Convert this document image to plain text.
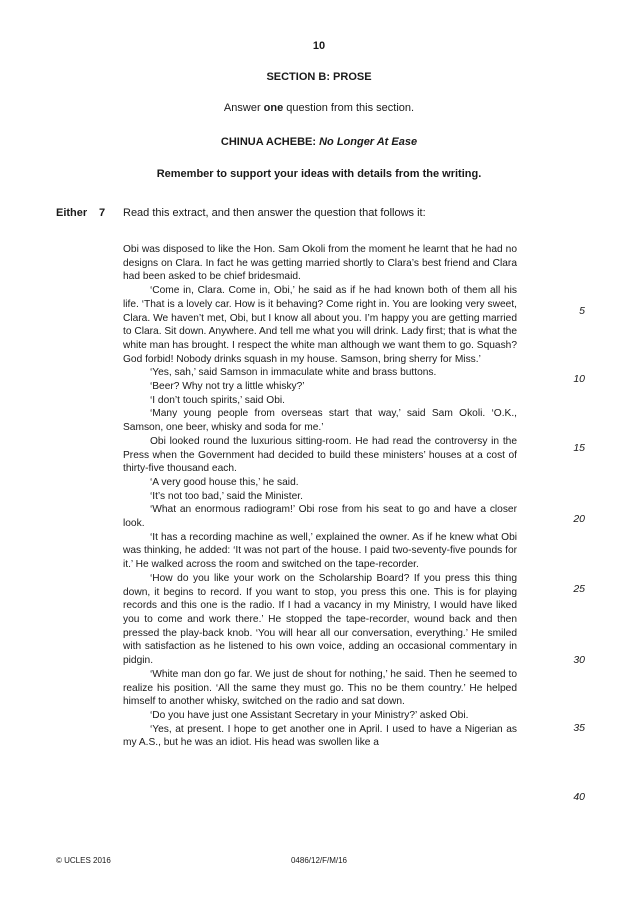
10
SECTION B: PROSE
Answer one question from this section.
CHINUA ACHEBE: No Longer At Ease
Remember to support your ideas with details from the writing.
Either 7 Read this extract, and then answer the question that follows it:

Obi was disposed to like the Hon. Sam Okoli from the moment he learnt that he had no designs on Clara. In fact he was getting married shortly to Clara’s best friend and Clara had been asked to be chief bridesmaid.

‘Come in, Clara. Come in, Obi,’ he said as if he had known both of them all his life. ‘That is a lovely car. How is it behaving? Come right in. You are looking very sweet, Clara. We haven’t met, Obi, but I know all about you. I’m happy you are getting married to Clara. Sit down. Anywhere. And tell me what you will drink. Lady first; that is what the white man has brought. I respect the white man although we want them to go. Squash? God forbid! Nobody drinks squash in my house. Samson, bring sherry for Miss.’

‘Yes, sah,’ said Samson in immaculate white and brass buttons.

‘Beer? Why not try a little whisky?’

‘I don’t touch spirits,’ said Obi.

‘Many young people from overseas start that way,’ said Sam Okoli. ‘O.K., Samson, one beer, whisky and soda for me.’

Obi looked round the luxurious sitting-room. He had read the controversy in the Press when the Government had decided to build these ministers’ houses at a cost of thirty-five thousand each.

‘A very good house this,’ he said.

‘It’s not too bad,’ said the Minister.

‘What an enormous radiogram!’ Obi rose from his seat to go and have a closer look.

‘It has a recording machine as well,’ explained the owner. As if he knew what Obi was thinking, he added: ‘It was not part of the house. I paid two-seventy-five pounds for it.’ He walked across the room and switched on the tape-recorder.

‘How do you like your work on the Scholarship Board? If you press this thing down, it begins to record. If you want to stop, you press this one. This is for playing records and this one is the radio. If I had a vacancy in my Ministry, I would have liked you to come and work there.’ He stopped the tape-recorder, wound back and then pressed the play-back knob. ‘You will hear all our conversation, everything.’ He smiled with satisfaction as he listened to his own voice, adding an occasional commentary in pidgin.

‘White man don go far. We just de shout for nothing,’ he said. Then he seemed to realize his position. ‘All the same they must go. This no be them country.’ He helped himself to another whisky, switched on the radio and sat down.

‘Do you have just one Assistant Secretary in your Ministry?’ asked Obi.

‘Yes, at present. I hope to get another one in April. I used to have a Nigerian as my A.S., but he was an idiot. His head was swollen like a

5
10
15
20
25
30
35
40
© UCLES 2016	0486/12/F/M/16
